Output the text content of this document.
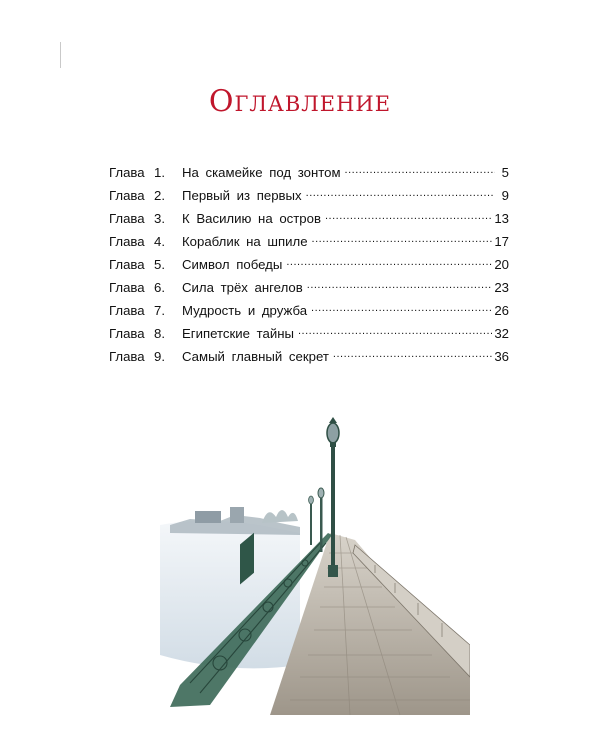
Оглавление
Глава 1.	На скамейке под зонтом .....	5
Глава 2.	Первый из первых .....	9
Глава 3.	К Василию на остров .....	13
Глава 4.	Кораблик на шпиле .....	17
Глава 5.	Символ победы .....	20
Глава 6.	Сила трёх ангелов .....	23
Глава 7.	Мудрость и дружба .....	26
Глава 8.	Египетские тайны .....	32
Глава 9.	Самый главный секрет .....	36
